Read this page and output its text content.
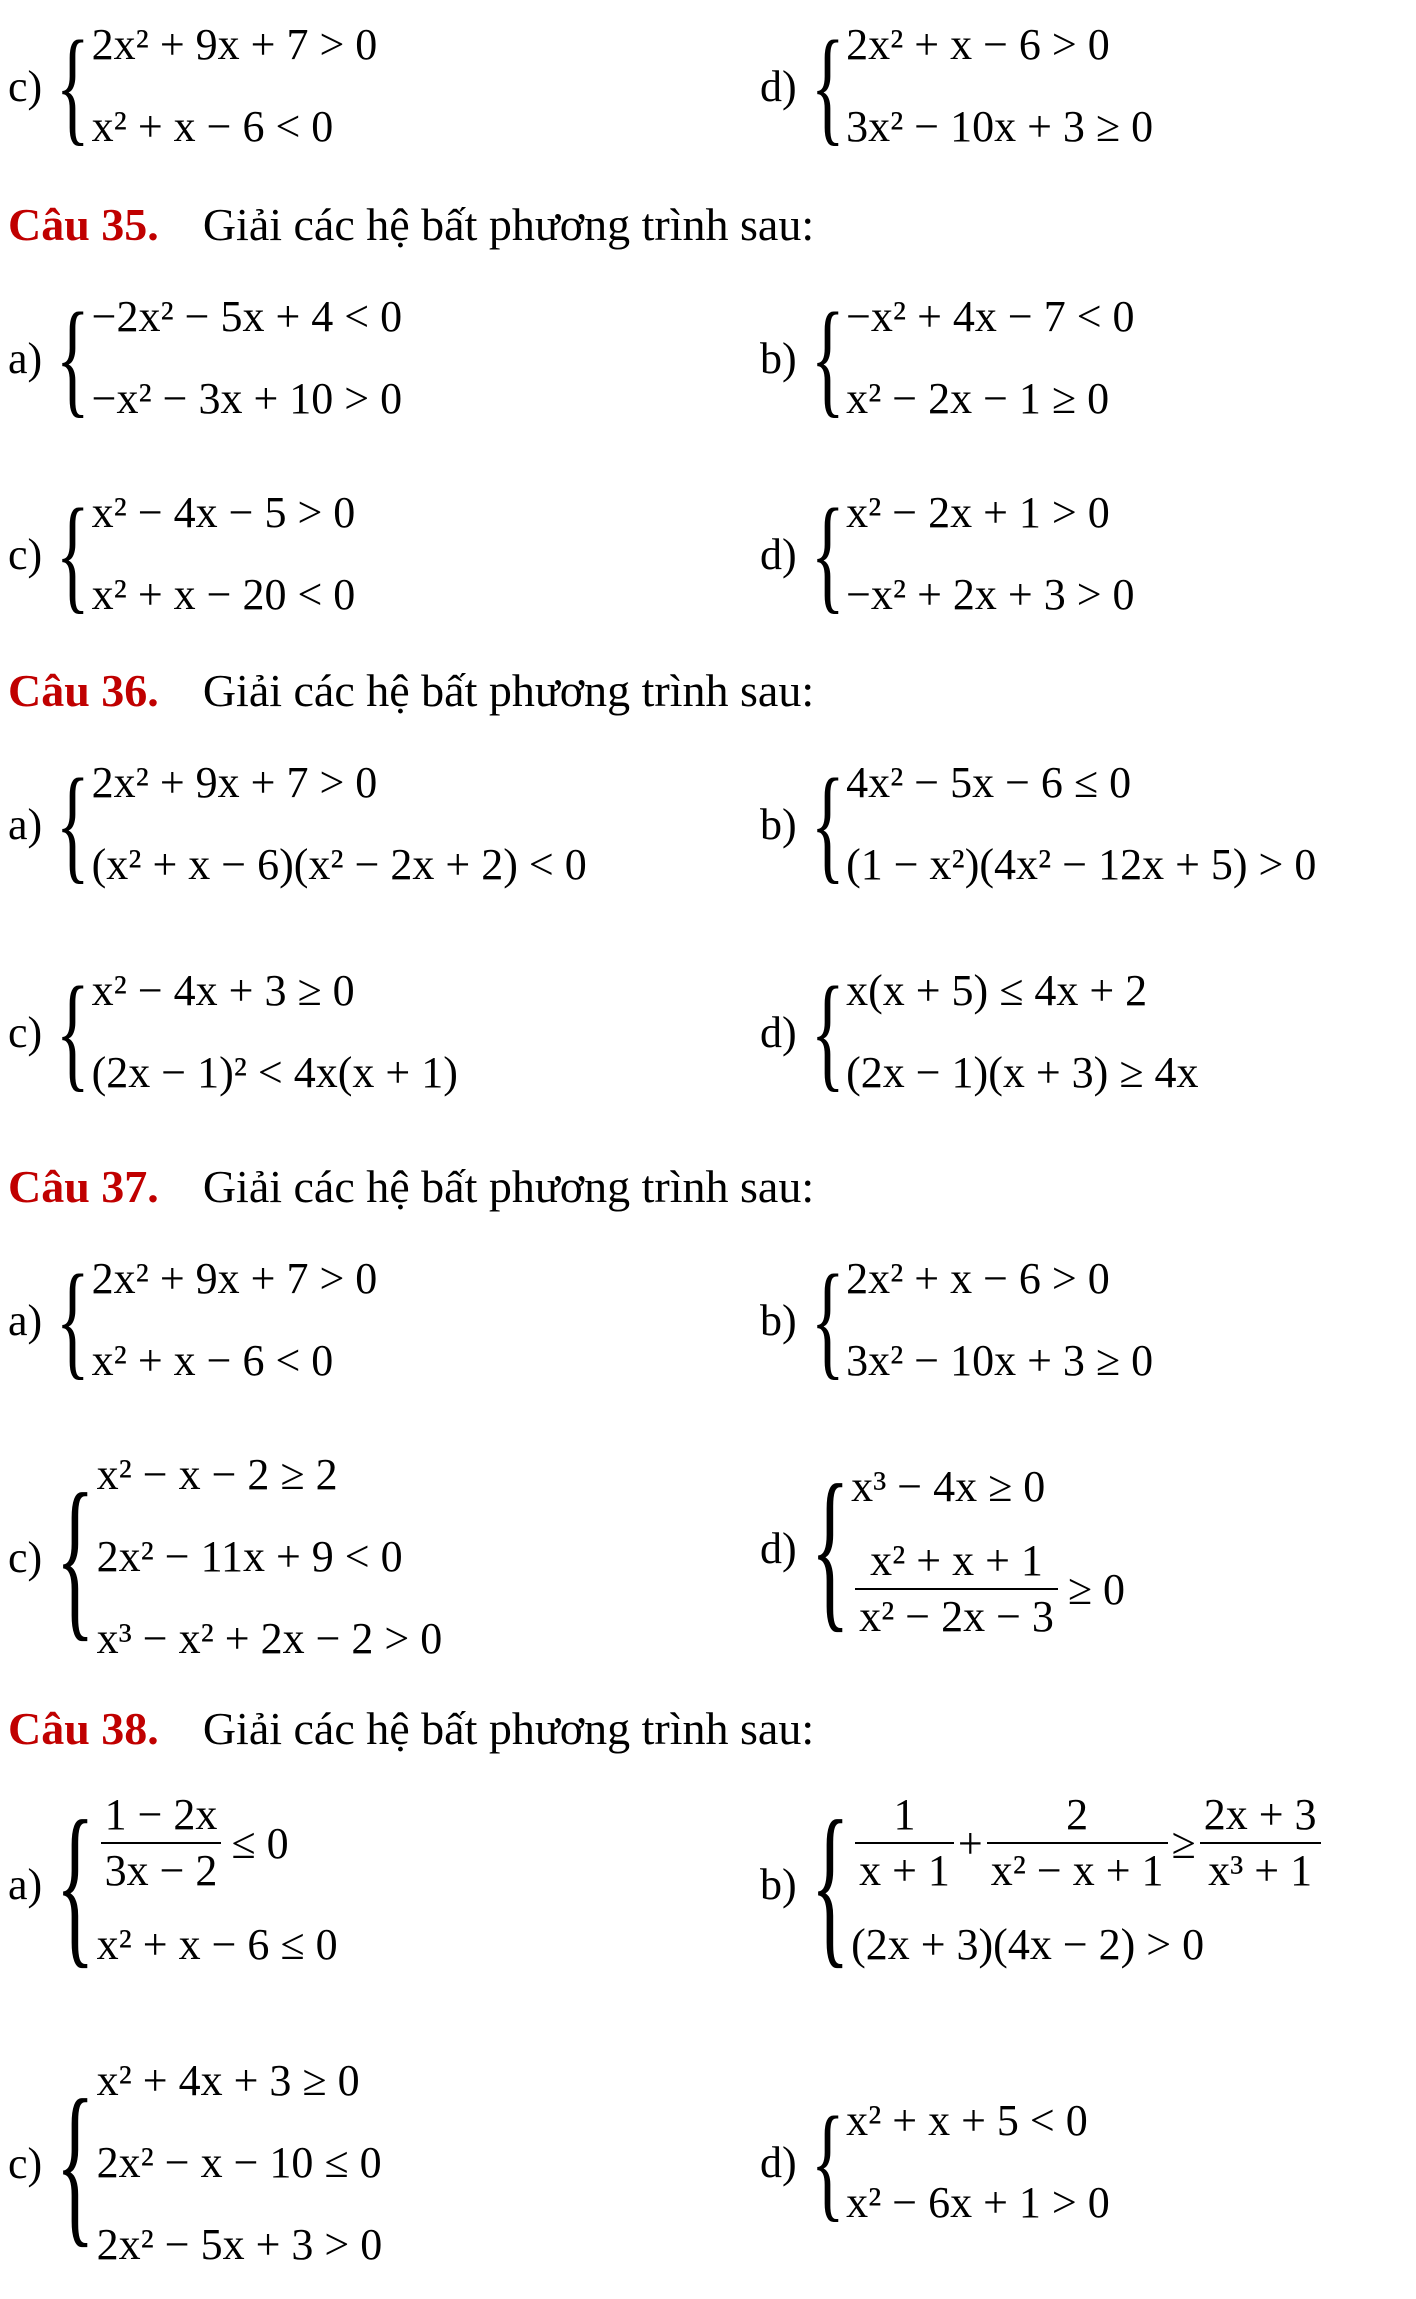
c) { 2x² + 9x + 7 > 0
x² + x − 6 < 0
d) { 2x² + x − 6 > 0
3x² − 10x + 3 ≥ 0
Câu 35. Giải các hệ bất phương trình sau:
a) { −2x² − 5x + 4 < 0
−x² − 3x + 10 > 0
b) { −x² + 4x − 7 < 0
x² − 2x − 1 ≥ 0
c) { x² − 4x − 5 > 0
x² + x − 20 < 0
d) { x² − 2x + 1 > 0
−x² + 2x + 3 > 0
Câu 36. Giải các hệ bất phương trình sau:
a) { 2x² + 9x + 7 > 0
(x² + x − 6)(x² − 2x + 2) < 0
b) { 4x² − 5x − 6 ≤ 0
(1 − x²)(4x² − 12x + 5) > 0
c) { x² − 4x + 3 ≥ 0
(2x − 1)² < 4x(x + 1)
d) { x(x + 5) ≤ 4x + 2
(2x − 1)(x + 3) ≥ 4x
Câu 37. Giải các hệ bất phương trình sau:
a) { 2x² + 9x + 7 > 0
x² + x − 6 < 0
b) { 2x² + x − 6 > 0
3x² − 10x + 3 ≥ 0
c) { x² − x − 2 ≥ 2
2x² − 11x + 9 < 0
x³ − x² + 2x − 2 > 0
d) { x³ − 4x ≥ 0
$\frac{\text{x² + x + 1}}{\text{x² − 2x − 3}} \ge 0$
Câu 38. Giải các hệ bất phương trình sau:
a) { $\frac{1 - 2x}{3x - 2} \le 0$
x² + x − 6 ≤ 0
b) { $\frac{1}{x + 1} + \frac{2}{\text{x² − x + 1}} \ge \frac{2x + 3}{\text{x³ + 1}}$
(2x + 3)(4x − 2) > 0
c) { x² + 4x + 3 ≥ 0
2x² − x − 10 ≤ 0
2x² − 5x + 3 > 0
d) { x² + x + 5 < 0
x² − 6x + 1 > 0
